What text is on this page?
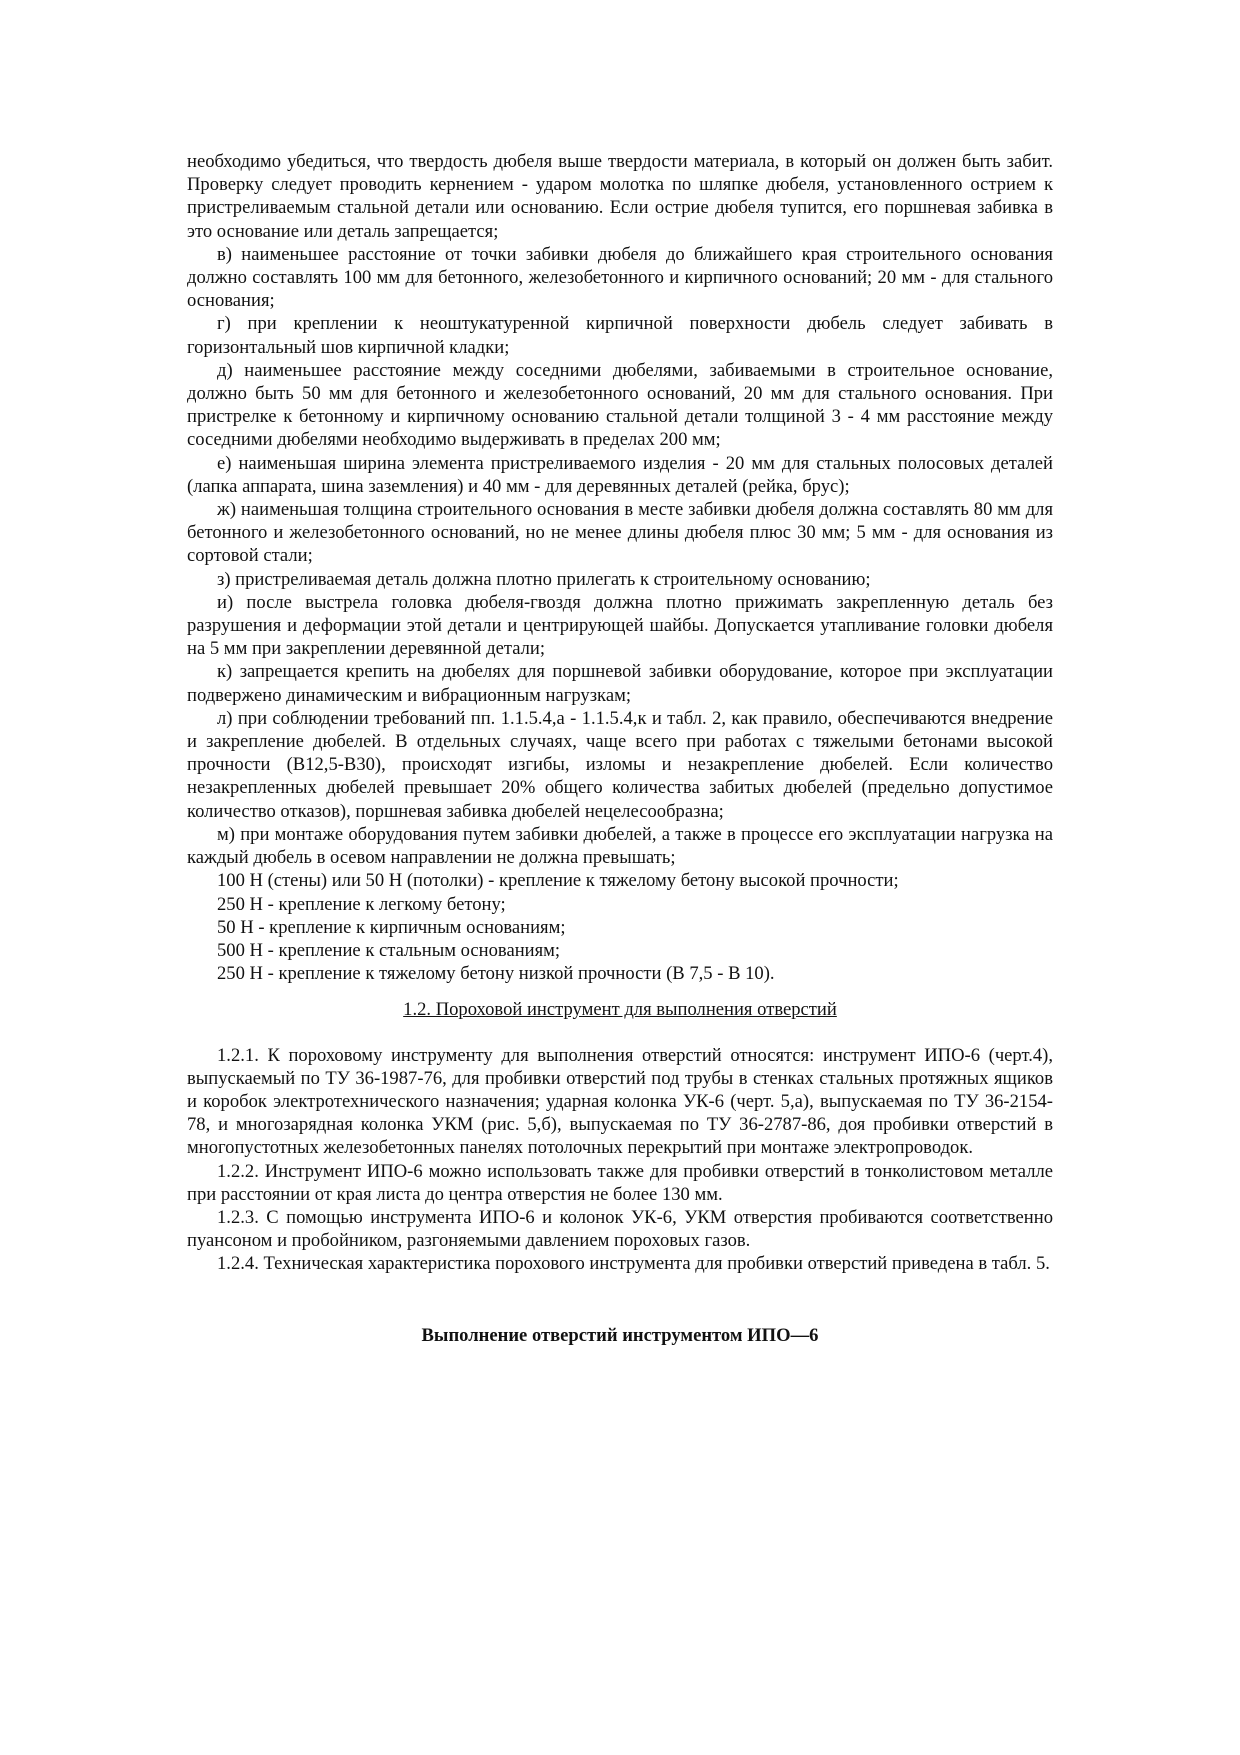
необходимо убедиться, что твердость дюбеля выше твердости материала, в который он должен быть забит. Проверку следует проводить кернением - ударом молотка по шляпке дюбеля, установленного острием к пристреливаемым стальной детали или основанию. Если острие дюбеля тупится, его поршневая забивка в это основание или деталь запрещается;

в) наименьшее расстояние от точки забивки дюбеля до ближайшего края строительного основания должно составлять 100 мм для бетонного, железобетонного и кирпичного оснований; 20 мм - для стального основания;

г) при креплении к неоштукатуренной кирпичной поверхности дюбель следует забивать в горизонтальный шов кирпичной кладки;

д) наименьшее расстояние между соседними дюбелями, забиваемыми в строительное основание, должно быть 50 мм для бетонного и железобетонного оснований, 20 мм для стального основания. При пристрелке к бетонному и кирпичному основанию стальной детали толщиной 3 - 4 мм расстояние между соседними дюбелями необходимо выдерживать в пределах 200 мм;

е) наименьшая ширина элемента пристреливаемого изделия - 20 мм для стальных полосовых деталей (лапка аппарата, шина заземления) и 40 мм - для деревянных деталей (рейка, брус);

ж) наименьшая толщина строительного основания в месте забивки дюбеля должна составлять 80 мм для бетонного и железобетонного оснований, но не менее длины дюбеля плюс 30 мм; 5 мм - для основания из сортовой стали;

з) пристреливаемая деталь должна плотно прилегать к строительному основанию;

и) после выстрела головка дюбеля-гвоздя должна плотно прижимать закрепленную деталь без разрушения и деформации этой детали и центрирующей шайбы. Допускается утапливание головки дюбеля на 5 мм при закреплении деревянной детали;

к) запрещается крепить на дюбелях для поршневой забивки оборудование, которое при эксплуатации подвержено динамическим и вибрационным нагрузкам;

л) при соблюдении требований пп. 1.1.5.4,а - 1.1.5.4,к и табл. 2, как правило, обеспечиваются внедрение и закрепление дюбелей. В отдельных случаях, чаще всего при работах с тяжелыми бетонами высокой прочности (В12,5-В30), происходят изгибы, изломы и незакрепление дюбелей. Если количество незакрепленных дюбелей превышает 20% общего количества забитых дюбелей (предельно допустимое количество отказов), поршневая забивка дюбелей нецелесообразна;

м) при монтаже оборудования путем забивки дюбелей, а также в процессе его эксплуатации нагрузка на каждый дюбель в осевом направлении не должна превышать;

100 Н (стены) или 50 Н (потолки) - крепление к тяжелому бетону высокой прочности;

250 Н - крепление к легкому бетону;

50 Н - крепление к кирпичным основаниям;

500 Н - крепление к стальным основаниям;

250 Н - крепление к тяжелому бетону низкой прочности (В 7,5 - В 10).

1.2. Пороховой инструмент для выполнения отверстий

1.2.1. К пороховому инструменту для выполнения отверстий относятся: инструмент ИПО-6 (черт.4), выпускаемый по ТУ 36-1987-76, для пробивки отверстий под трубы в стенках стальных протяжных ящиков и коробок электротехнического назначения; ударная колонка УК-6 (черт. 5,а), выпускаемая по ТУ 36-2154-78, и многозарядная колонка УКМ (рис. 5,б), выпускаемая по ТУ 36-2787-86, доя пробивки отверстий в многопустотных железобетонных панелях потолочных перекрытий при монтаже электропроводок.

1.2.2. Инструмент ИПО-6 можно использовать также для пробивки отверстий в тонколистовом металле при расстоянии от края листа до центра отверстия не более 130 мм.

1.2.3. С помощью инструмента ИПО-6 и колонок УК-6, УКМ отверстия пробиваются соответственно пуансоном и пробойником, разгоняемыми давлением пороховых газов.

1.2.4. Техническая характеристика порохового инструмента для пробивки отверстий приведена в табл. 5.

Выполнение отверстий инструментом ИПО—6
